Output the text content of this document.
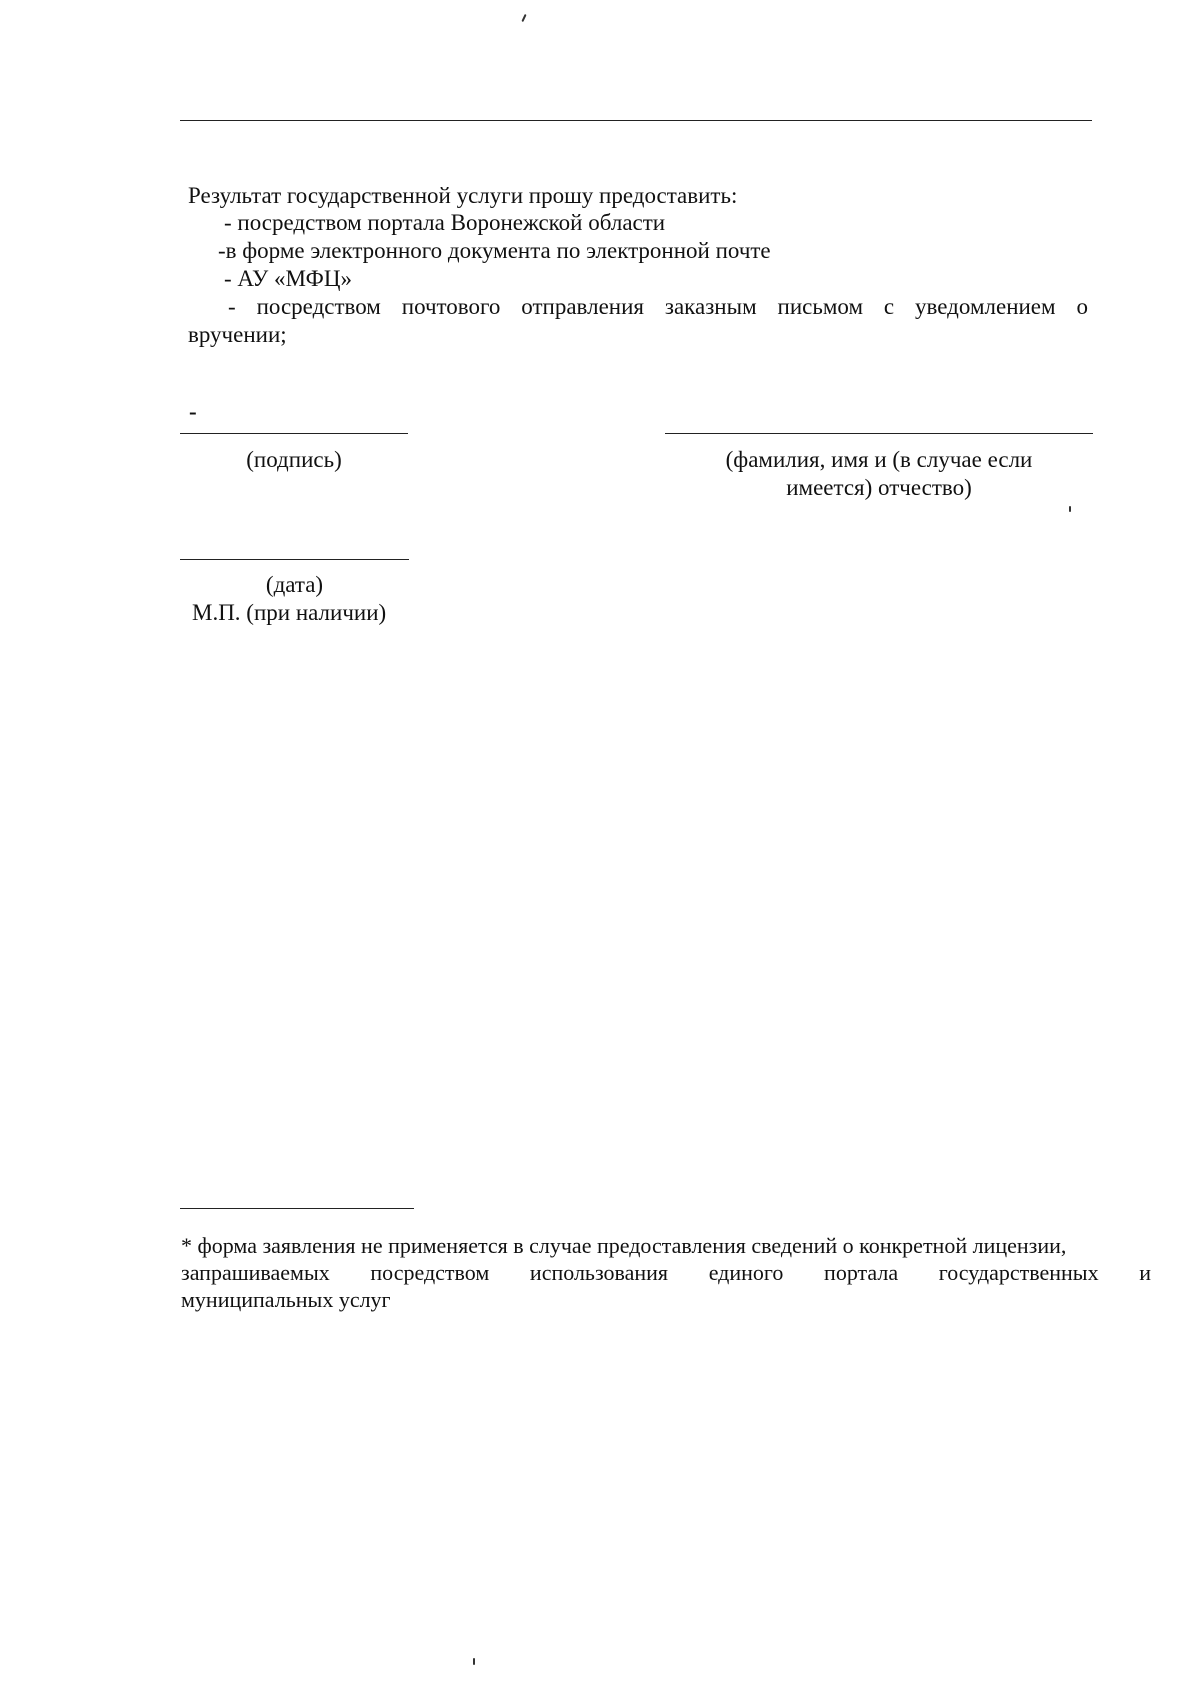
Результат государственной услуги прошу предоставить:
- посредством портала Воронежской области
-в форме электронного документа по электронной почте
- АУ «МФЦ»
- посредством почтового отправления заказным письмом с уведомлением о
вручении;
-
(подпись)	(фамилия, имя и (в случае если
имеется) отчество)
(дата)
М.П. (при наличии)
* форма заявления не применяется в случае предоставления сведений о конкретной лицензии,
запрашиваемых посредством использования единого портала государственных и
муниципальных услуг
